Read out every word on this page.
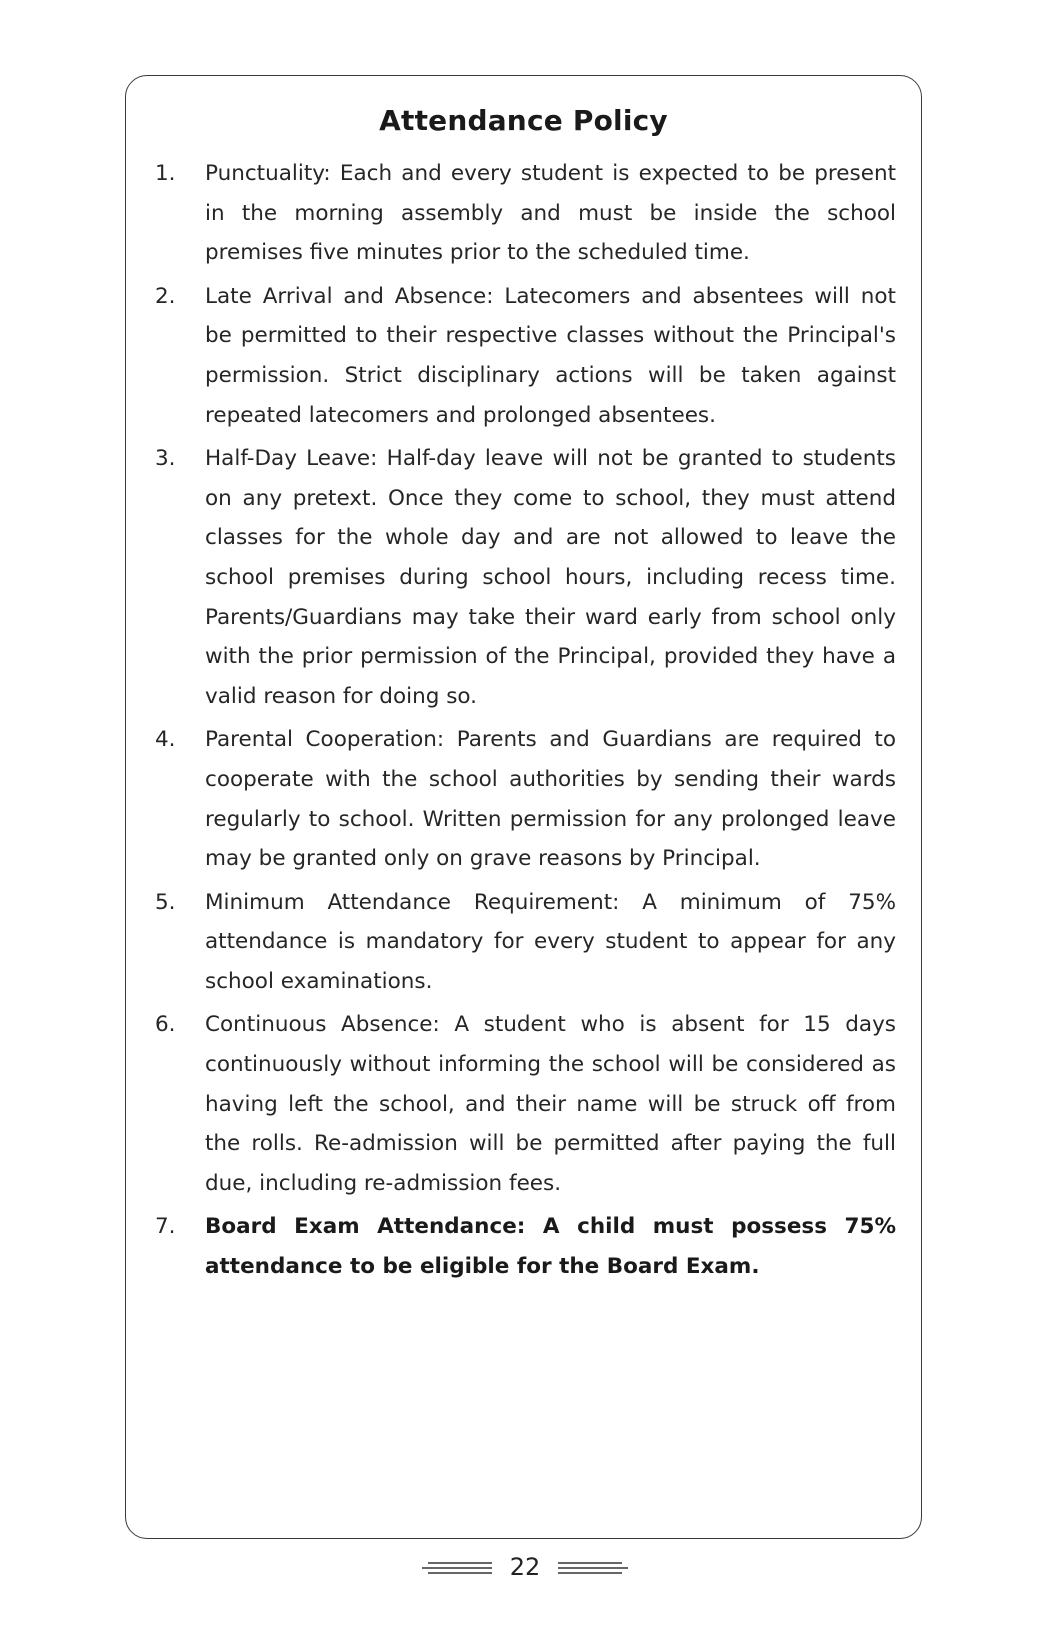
Attendance Policy
1. Punctuality: Each and every student is expected to be present in the morning assembly and must be inside the school premises five minutes prior to the scheduled time.
2. Late Arrival and Absence: Latecomers and absentees will not be permitted to their respective classes without the Principal's permission. Strict disciplinary actions will be taken against repeated latecomers and prolonged absentees.
3. Half-Day Leave: Half-day leave will not be granted to students on any pretext. Once they come to school, they must attend classes for the whole day and are not allowed to leave the school premises during school hours, including recess time. Parents/Guardians may take their ward early from school only with the prior permission of the Principal, provided they have a valid reason for doing so.
4. Parental Cooperation: Parents and Guardians are required to cooperate with the school authorities by sending their wards regularly to school. Written permission for any prolonged leave may be granted only on grave reasons by Principal.
5. Minimum Attendance Requirement: A minimum of 75% attendance is mandatory for every student to appear for any school examinations.
6. Continuous Absence: A student who is absent for 15 days continuously without informing the school will be considered as having left the school, and their name will be struck off from the rolls. Re-admission will be permitted after paying the full due, including re-admission fees.
7. Board Exam Attendance: A child must possess 75% attendance to be eligible for the Board Exam.
22
